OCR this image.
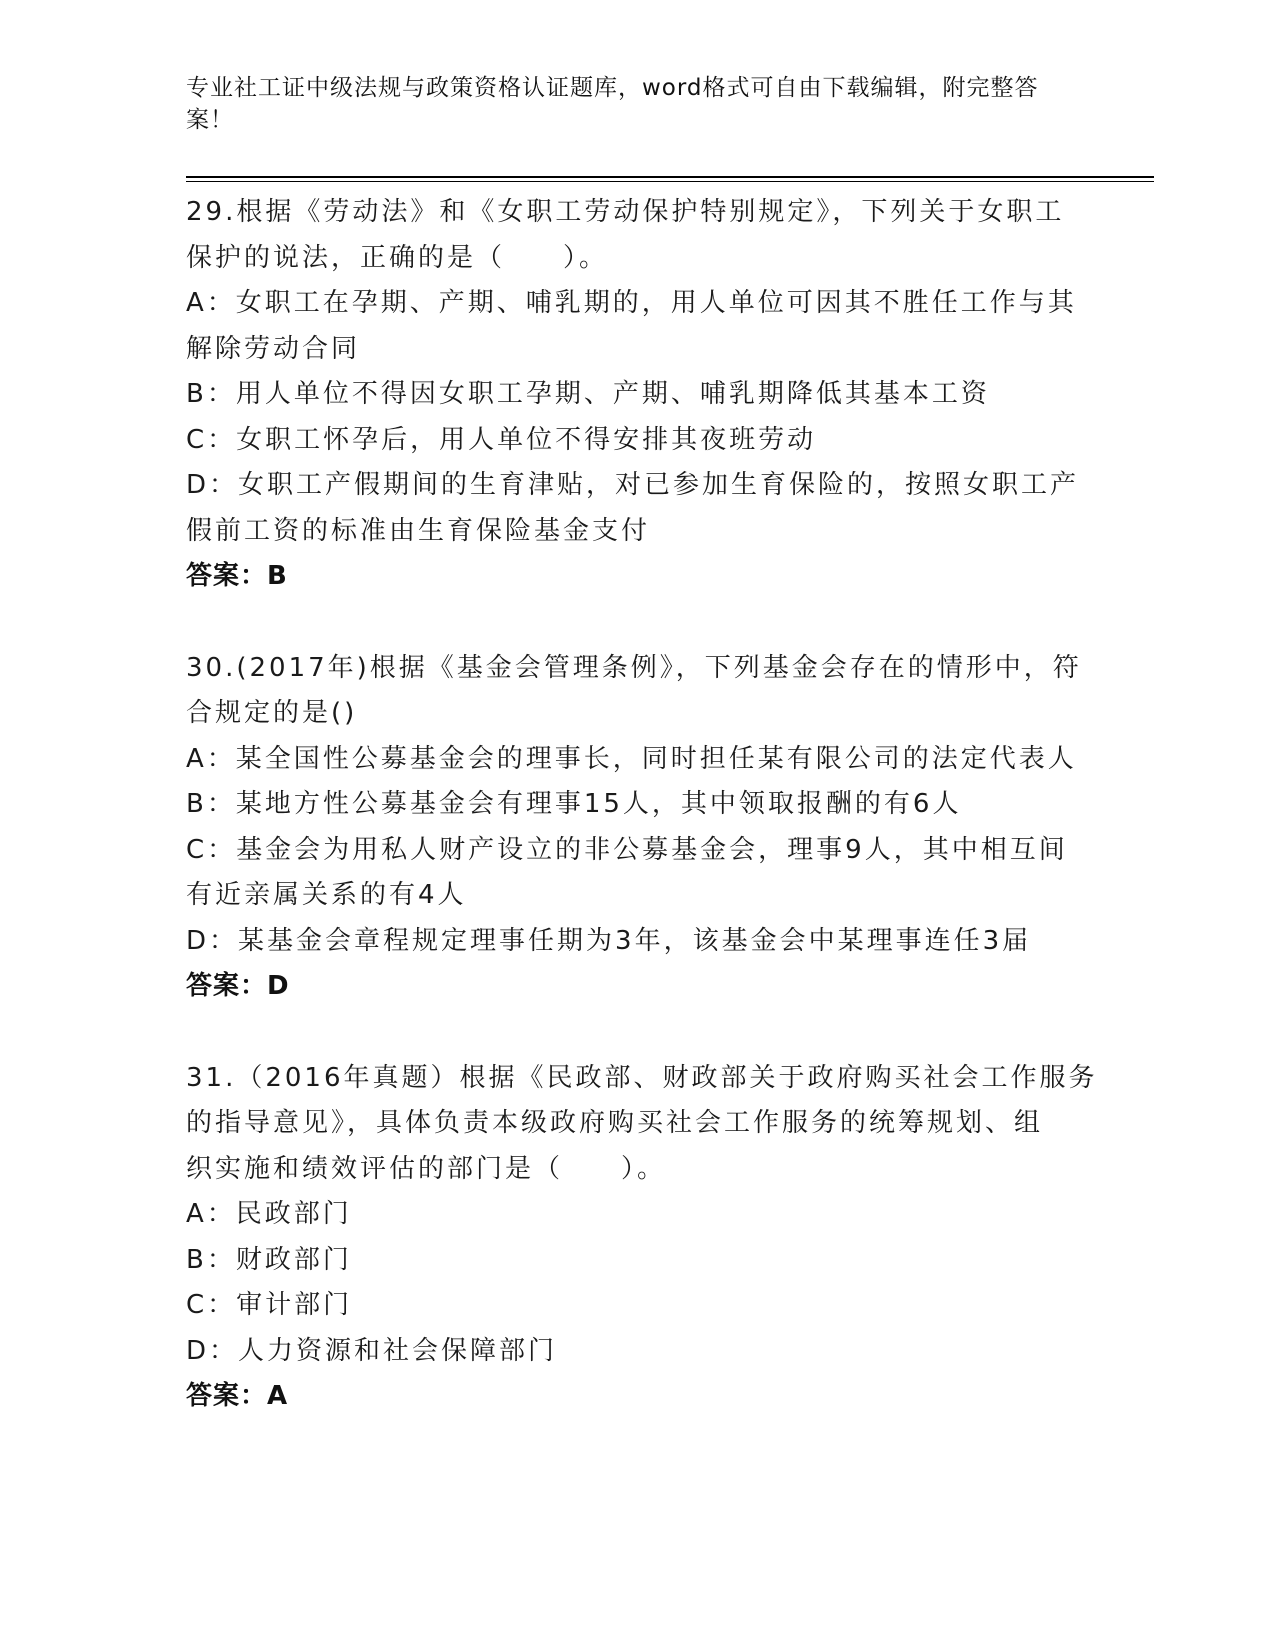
专业社工证中级法规与政策资格认证题库，word格式可自由下载编辑，附完整答
案！
29.根据《劳动法》和《女职工劳动保护特别规定》，下列关于女职工
保护的说法，正确的是（　　）。
A：女职工在孕期、产期、哺乳期的，用人单位可因其不胜任工作与其
解除劳动合同
B：用人单位不得因女职工孕期、产期、哺乳期降低其基本工资
C：女职工怀孕后，用人单位不得安排其夜班劳动
D：女职工产假期间的生育津贴，对已参加生育保险的，按照女职工产
假前工资的标准由生育保险基金支付
答案：B
30.(2017年)根据《基金会管理条例》，下列基金会存在的情形中，符
合规定的是()
A：某全国性公募基金会的理事长，同时担任某有限公司的法定代表人
B：某地方性公募基金会有理事15人，其中领取报酬的有6人
C：基金会为用私人财产设立的非公募基金会，理事9人，其中相互间
有近亲属关系的有4人
D：某基金会章程规定理事任期为3年，该基金会中某理事连任3届
答案：D
31.（2016年真题）根据《民政部、财政部关于政府购买社会工作服务
的指导意见》，具体负责本级政府购买社会工作服务的统筹规划、组
织实施和绩效评估的部门是（　　）。
A：民政部门
B：财政部门
C：审计部门
D：人力资源和社会保障部门
答案：A
